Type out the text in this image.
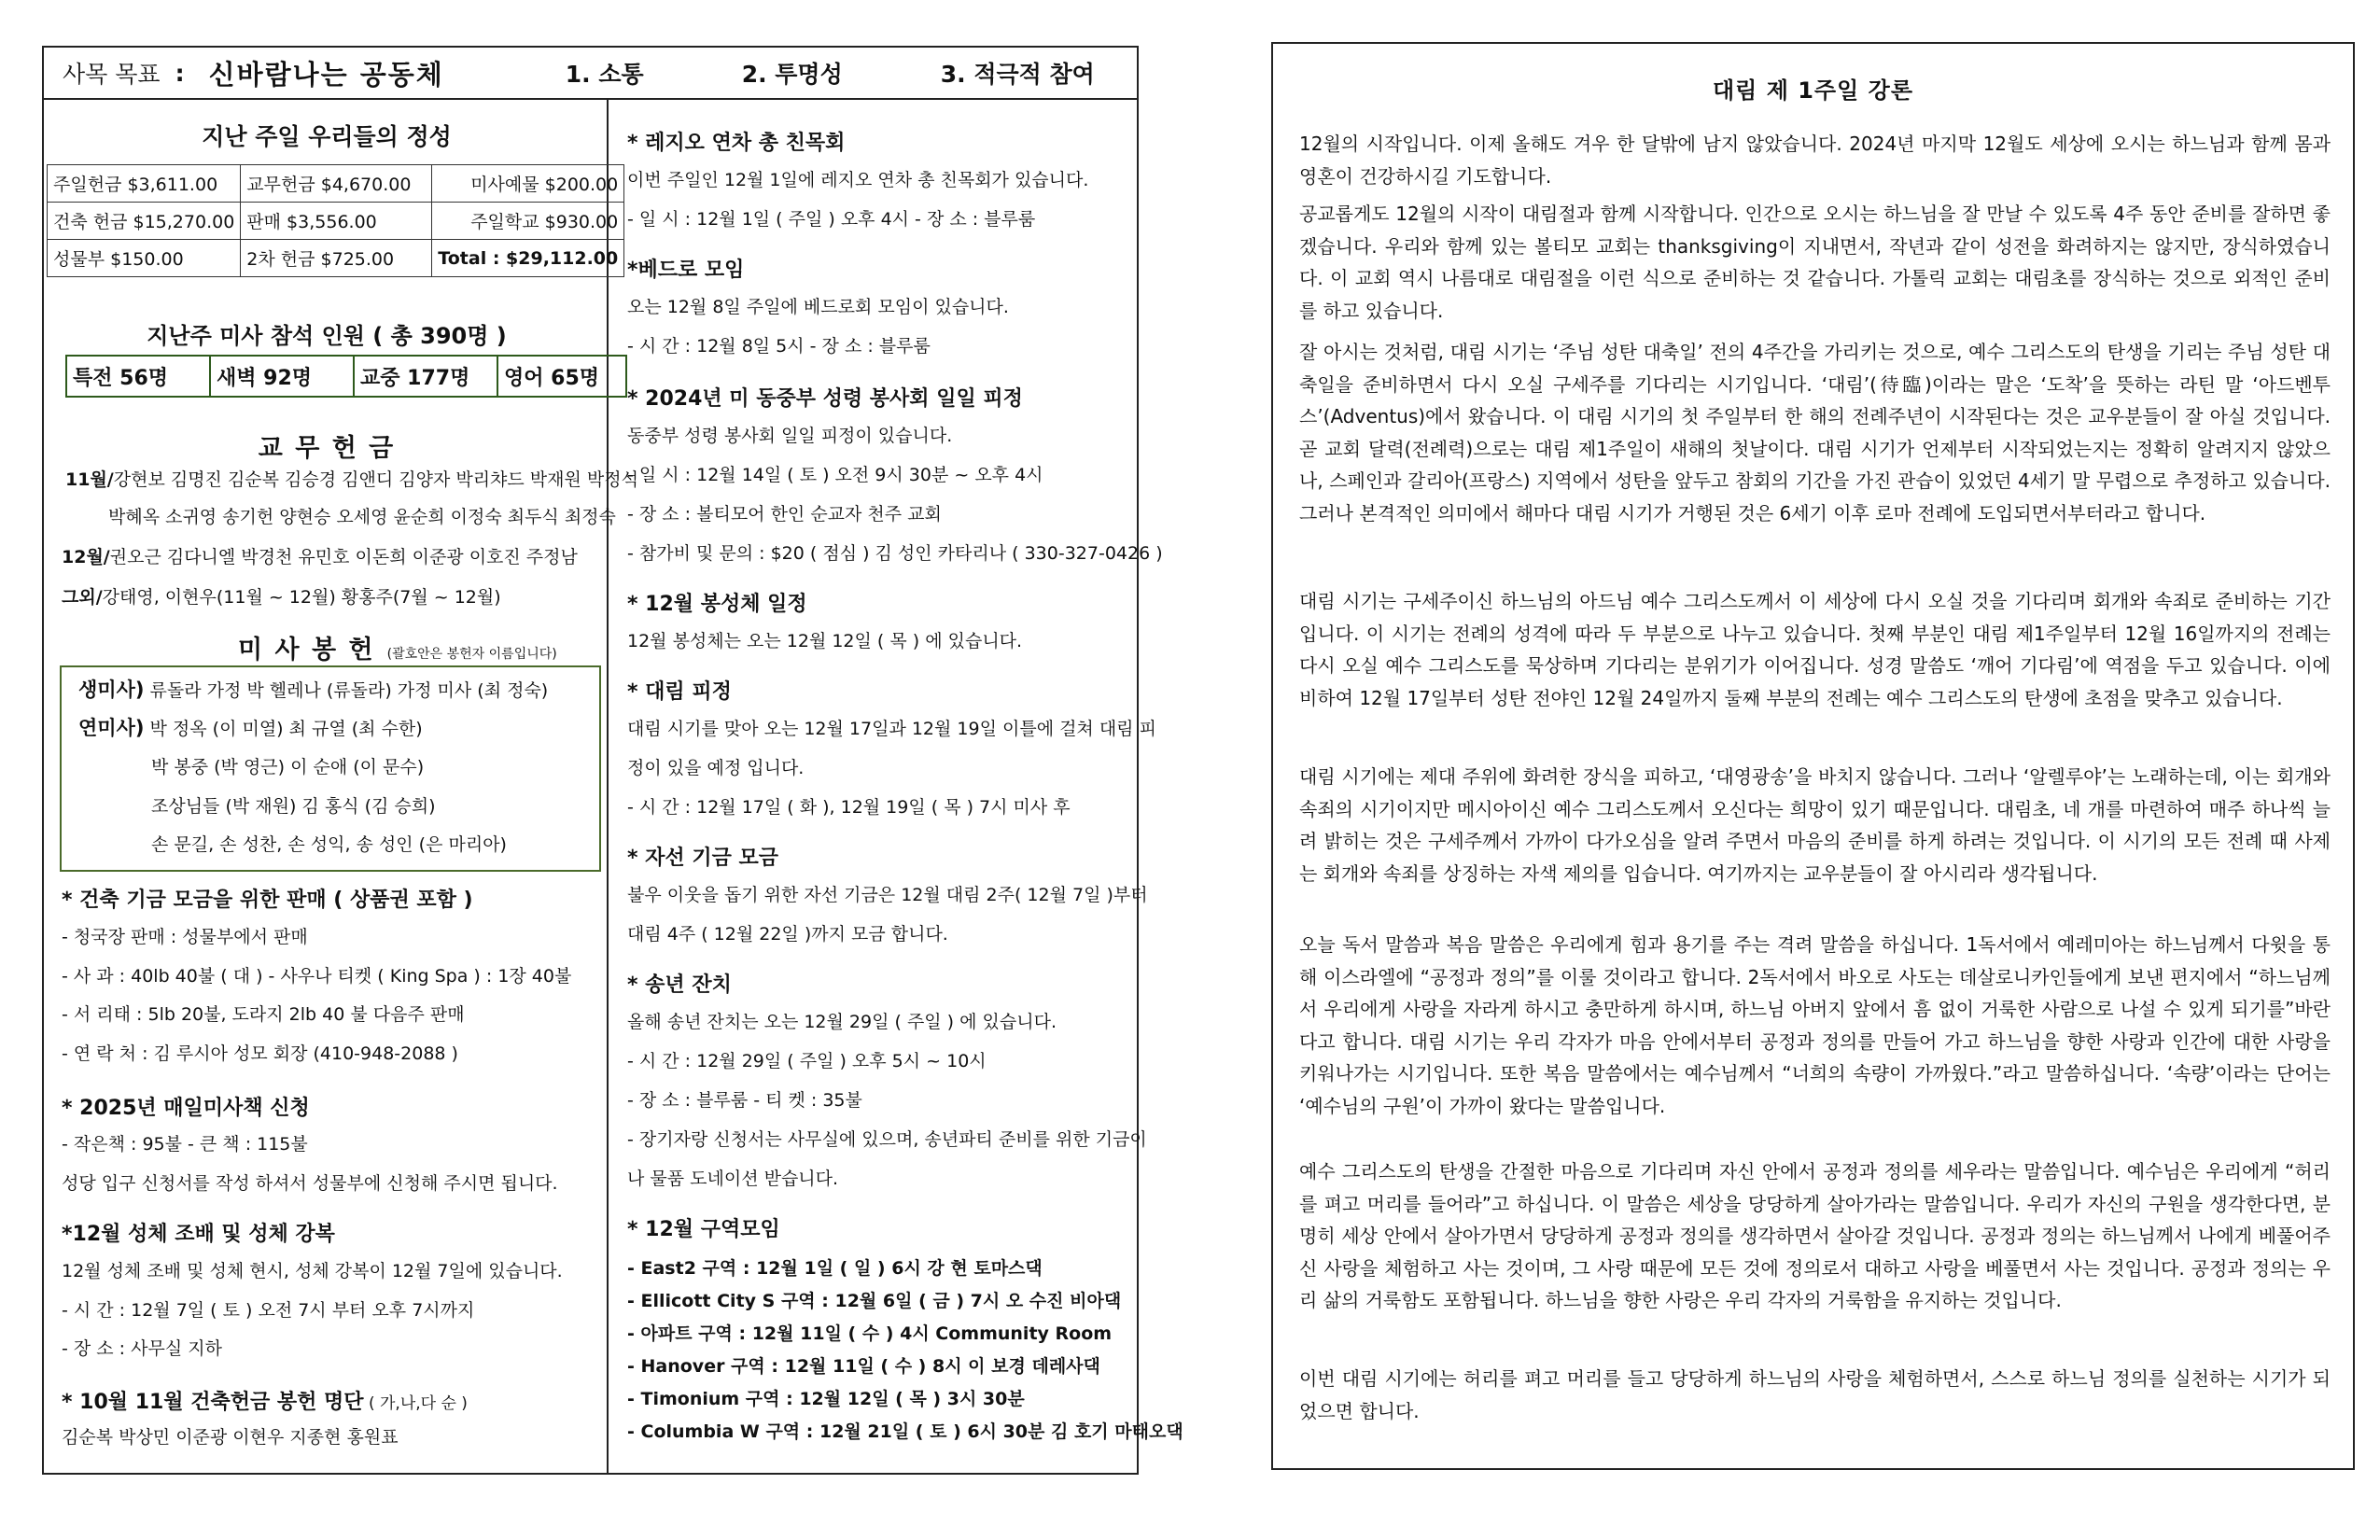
사목 목표 : 신바람나는 공동체	1. 소통	2. 투명성	3. 적극적 참여
지난 주일 우리들의 정성
주일헌금 $3,611.00	교무헌금 $4,670.00	미사예물 $200.00
건축 헌금 $15,270.00	판매 $3,556.00	주일학교 $930.00
성물부 $150.00	2차 헌금 $725.00	Total : $29,112.00
지난주 미사 참석 인원 ( 총 390명 )
특전 56명	새벽 92명	교중 177명	영어 65명
교 무 헌 금
11월/강현보 김명진 김순복 김승경 김앤디 김양자 박리챠드 박재원 박정석
박혜옥 소귀영 송기헌 양현승 오세영 윤순희 이정숙 최두식 최정숙
12월/권오근 김다니엘 박경천 유민호 이돈희 이준광 이호진 주정남
그외/강태영, 이현우(11월 ~ 12월) 황홍주(7월 ~ 12월)
미 사 봉 헌 (괄호안은 봉헌자 이름입니다)
생미사) 류돌라 가정 박 헬레나 (류돌라) 가정 미사 (최 정숙)
연미사) 박 정옥 (이 미열) 최 규열 (최 수한)
박 봉중 (박 영근) 이 순애 (이 문수)
조상님들 (박 재원) 김 홍식 (김 승희)
손 문길, 손 성찬, 손 성익, 송 성인 (은 마리아)
* 건축 기금 모금을 위한 판매 ( 상품권 포함 )
- 청국장 판매 : 성물부에서 판매
- 사 과 : 40lb 40불 ( 대 ) - 사우나 티켓 ( King Spa ) : 1장 40불
- 서 리태 : 5lb 20불, 도라지 2lb 40 불 다음주 판매
- 연 락 처 : 김 루시아 성모 회장 (410-948-2088 )
* 2025년 매일미사책 신청
- 작은책 : 95불 - 큰 책 : 115불
성당 입구 신청서를 작성 하셔서 성물부에 신청해 주시면 됩니다.
*12월 성체 조배 및 성체 강복
12월 성체 조배 및 성체 현시, 성체 강복이 12월 7일에 있습니다.
- 시 간 : 12월 7일 ( 토 ) 오전 7시 부터 오후 7시까지
- 장 소 : 사무실 지하
* 10월 11월 건축헌금 봉헌 명단 ( 가,나,다 순 )
김순복 박상민 이준광 이현우 지종현 홍원표
* 레지오 연차 총 친목회
이번 주일인 12월 1일에 레지오 연차 총 친목회가 있습니다.
- 일 시 : 12월 1일 ( 주일 ) 오후 4시 - 장 소 : 블루룸
*베드로 모임
오는 12월 8일 주일에 베드로회 모임이 있습니다.
- 시 간 : 12월 8일 5시 - 장 소 : 블루룸
* 2024년 미 동중부 성령 봉사회 일일 피정
동중부 성령 봉사회 일일 피정이 있습니다.
- 일 시 : 12월 14일 ( 토 ) 오전 9시 30분 ~ 오후 4시
- 장 소 : 볼티모어 한인 순교자 천주 교회
- 참가비 및 문의 : $20 ( 점심 ) 김 성인 카타리나 ( 330-327-0426 )
* 12월 봉성체 일정
12월 봉성체는 오는 12월 12일 ( 목 ) 에 있습니다.
* 대림 피정
대림 시기를 맞아 오는 12월 17일과 12월 19일 이틀에 걸쳐 대림 피
정이 있을 예정 입니다.
- 시 간 : 12월 17일 ( 화 ), 12월 19일 ( 목 ) 7시 미사 후
* 자선 기금 모금
불우 이웃을 돕기 위한 자선 기금은 12월 대림 2주( 12월 7일 )부터
대림 4주 ( 12월 22일 )까지 모금 합니다.
* 송년 잔치
올해 송년 잔치는 오는 12월 29일 ( 주일 ) 에 있습니다.
- 시 간 : 12월 29일 ( 주일 ) 오후 5시 ~ 10시
- 장 소 : 블루룸 - 티 켓 : 35불
- 장기자랑 신청서는 사무실에 있으며, 송년파티 준비를 위한 기금이
나 물품 도네이션 받습니다.
* 12월 구역모임
- East2 구역 : 12월 1일 ( 일 ) 6시 강 현 토마스댁
- Ellicott City S 구역 : 12월 6일 ( 금 ) 7시 오 수진 비아댁
- 아파트 구역 : 12월 11일 ( 수 ) 4시 Community Room
- Hanover 구역 : 12월 11일 ( 수 ) 8시 이 보경 데레사댁
- Timonium 구역 : 12월 12일 ( 목 ) 3시 30분
- Columbia W 구역 : 12월 21일 ( 토 ) 6시 30분 김 호기 마태오댁
대림 제 1주일 강론
12월의 시작입니다. 이제 올해도 겨우 한 달밖에 남지 않았습니다. 2024년 마지막 12월도 세상에 오시는 하느님과 함께 몸과 영혼이 건강하시길 기도합니다.
공교롭게도 12월의 시작이 대림절과 함께 시작합니다. 인간으로 오시는 하느님을 잘 만날 수 있도록 4주 동안 준비를 잘하면 좋겠습니다. 우리와 함께 있는 볼티모 교회는 thanksgiving이 지내면서, 작년과 같이 성전을 화려하지는 않지만, 장식하였습니다. 이 교회 역시 나름대로 대림절을 이런 식으로 준비하는 것 같습니다. 가톨릭 교회는 대림초를 장식하는 것으로 외적인 준비를 하고 있습니다.
잘 아시는 것처럼, 대림 시기는 ‘주님 성탄 대축일’ 전의 4주간을 가리키는 것으로, 예수 그리스도의 탄생을 기리는 주님 성탄 대축일을 준비하면서 다시 오실 구세주를 기다리는 시기입니다. ‘대림’(待臨)이라는 말은 ‘도착’을 뜻하는 라틴 말 ‘아드벤투스’(Adventus)에서 왔습니다. 이 대림 시기의 첫 주일부터 한 해의 전례주년이 시작된다는 것은 교우분들이 잘 아실 것입니다. 곧 교회 달력(전례력)으로는 대림 제1주일이 새해의 첫날이다. 대림 시기가 언제부터 시작되었는지는 정확히 알려지지 않았으나, 스페인과 갈리아(프랑스) 지역에서 성탄을 앞두고 참회의 기간을 가진 관습이 있었던 4세기 말 무렵으로 추정하고 있습니다. 그러나 본격적인 의미에서 해마다 대림 시기가 거행된 것은 6세기 이후 로마 전례에 도입되면서부터라고 합니다.
대림 시기는 구세주이신 하느님의 아드님 예수 그리스도께서 이 세상에 다시 오실 것을 기다리며 회개와 속죄로 준비하는 기간입니다. 이 시기는 전례의 성격에 따라 두 부분으로 나누고 있습니다. 첫째 부분인 대림 제1주일부터 12월 16일까지의 전례는 다시 오실 예수 그리스도를 묵상하며 기다리는 분위기가 이어집니다. 성경 말씀도 ‘깨어 기다림’에 역점을 두고 있습니다. 이에 비하여 12월 17일부터 성탄 전야인 12월 24일까지 둘째 부분의 전례는 예수 그리스도의 탄생에 초점을 맞추고 있습니다.
대림 시기에는 제대 주위에 화려한 장식을 피하고, ‘대영광송’을 바치지 않습니다. 그러나 ‘알렐루야’는 노래하는데, 이는 회개와 속죄의 시기이지만 메시아이신 예수 그리스도께서 오신다는 희망이 있기 때문입니다. 대림초, 네 개를 마련하여 매주 하나씩 늘려 밝히는 것은 구세주께서 가까이 다가오심을 알려 주면서 마음의 준비를 하게 하려는 것입니다. 이 시기의 모든 전례 때 사제는 회개와 속죄를 상징하는 자색 제의를 입습니다. 여기까지는 교우분들이 잘 아시리라 생각됩니다.
오늘 독서 말씀과 복음 말씀은 우리에게 힘과 용기를 주는 격려 말씀을 하십니다. 1독서에서 예레미아는 하느님께서 다윗을 통해 이스라엘에 “공정과 정의”를 이룰 것이라고 합니다. 2독서에서 바오로 사도는 데살로니카인들에게 보낸 편지에서 “하느님께서 우리에게 사랑을 자라게 하시고 충만하게 하시며, 하느님 아버지 앞에서 흠 없이 거룩한 사람으로 나설 수 있게 되기를”바란다고 합니다. 대림 시기는 우리 각자가 마음 안에서부터 공정과 정의를 만들어 가고 하느님을 향한 사랑과 인간에 대한 사랑을 키워나가는 시기입니다. 또한 복음 말씀에서는 예수님께서 “너희의 속량이 가까웠다.”라고 말씀하십니다. ‘속량’이라는 단어는 ‘예수님의 구원’이 가까이 왔다는 말씀입니다.
예수 그리스도의 탄생을 간절한 마음으로 기다리며 자신 안에서 공정과 정의를 세우라는 말씀입니다. 예수님은 우리에게 “허리를 펴고 머리를 들어라”고 하십니다. 이 말씀은 세상을 당당하게 살아가라는 말씀입니다. 우리가 자신의 구원을 생각한다면, 분명히 세상 안에서 살아가면서 당당하게 공정과 정의를 생각하면서 살아갈 것입니다. 공정과 정의는 하느님께서 나에게 베풀어주신 사랑을 체험하고 사는 것이며, 그 사랑 때문에 모든 것에 정의로서 대하고 사랑을 베풀면서 사는 것입니다. 공정과 정의는 우리 삶의 거룩함도 포함됩니다. 하느님을 향한 사랑은 우리 각자의 거룩함을 유지하는 것입니다.
이번 대림 시기에는 허리를 펴고 머리를 들고 당당하게 하느님의 사랑을 체험하면서, 스스로 하느님 정의를 실천하는 시기가 되었으면 합니다.
